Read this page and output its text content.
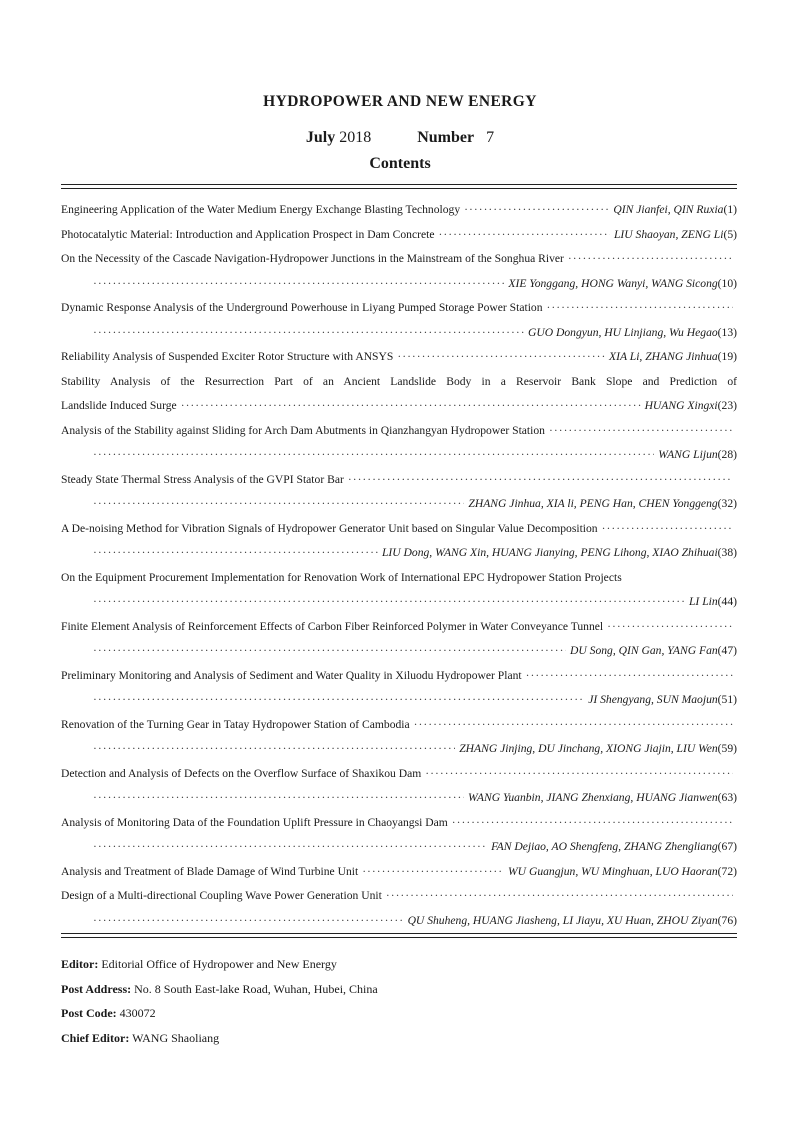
HYDROPOWER AND NEW ENERGY
July 2018	Number 7
Contents
Engineering Application of the Water Medium Energy Exchange Blasting Technology ·····	QIN Jianfei, QIN Ruxia(1)
Photocatalytic Material: Introduction and Application Prospect in Dam Concrete ·····	LIU Shaoyan, ZENG Li(5)
On the Necessity of the Cascade Navigation-Hydropower Junctions in the Mainstream of the Songhua River
·····
·····
XIE Yonggang, HONG Wanyi, WANG Sicong(10)
Dynamic Response Analysis of the Underground Powerhouse in Liyang Pumped Storage Power Station
·····
·····
GUO Dongyun, HU Linjiang, Wu Hegao(13)
Reliability Analysis of Suspended Exciter Rotor Structure with ANSYS ·····	XIA Li, ZHANG Jinhua(19)
Stability Analysis of the Resurrection Part of an Ancient Landslide Body in a Reservoir Bank Slope and Prediction of
Landslide Induced Surge ·····	HUANG Xingxi(23)
Analysis of the Stability against Sliding for Arch Dam Abutments in Qianzhangyan Hydropower Station
·····
·····
WANG Lijun(28)
Steady State Thermal Stress Analysis of the GVPI Stator Bar
·····
·····
ZHANG Jinhua, XIA li, PENG Han, CHEN Yonggeng(32)
A De-noising Method for Vibration Signals of Hydropower Generator Unit based on Singular Value Decomposition
·····
·····
LIU Dong, WANG Xin, HUANG Jianying, PENG Lihong, XIAO Zhihuai(38)
On the Equipment Procurement Implementation for Renovation Work of International EPC Hydropower Station Projects
·····
LI Lin(44)
Finite Element Analysis of Reinforcement Effects of Carbon Fiber Reinforced Polymer in Water Conveyance Tunnel
·····
·····
DU Song, QIN Gan, YANG Fan(47)
Preliminary Monitoring and Analysis of Sediment and Water Quality in Xiluodu Hydropower Plant
·····
·····
JI Shengyang, SUN Maojun(51)
Renovation of the Turning Gear in Tatay Hydropower Station of Cambodia
·····
·····
ZHANG Jinjing, DU Jinchang, XIONG Jiajin, LIU Wen(59)
Detection and Analysis of Defects on the Overflow Surface of Shaxikou Dam
·····
·····
WANG Yuanbin, JIANG Zhenxiang, HUANG Jianwen(63)
Analysis of Monitoring Data of the Foundation Uplift Pressure in Chaoyangsi Dam
·····
·····
FAN Dejiao, AO Shengfeng, ZHANG Zhengliang(67)
Analysis and Treatment of Blade Damage of Wind Turbine Unit ·····	WU Guangjun, WU Minghuan, LUO Haoran(72)
Design of a Multi-directional Coupling Wave Power Generation Unit
·····
·····
QU Shuheng, HUANG Jiasheng, LI Jiayu, XU Huan, ZHOU Ziyan(76)
Editor: Editorial Office of Hydropower and New Energy
Post Address: No. 8 South East-lake Road, Wuhan, Hubei, China
Post Code: 430072
Chief Editor: WANG Shaoliang
